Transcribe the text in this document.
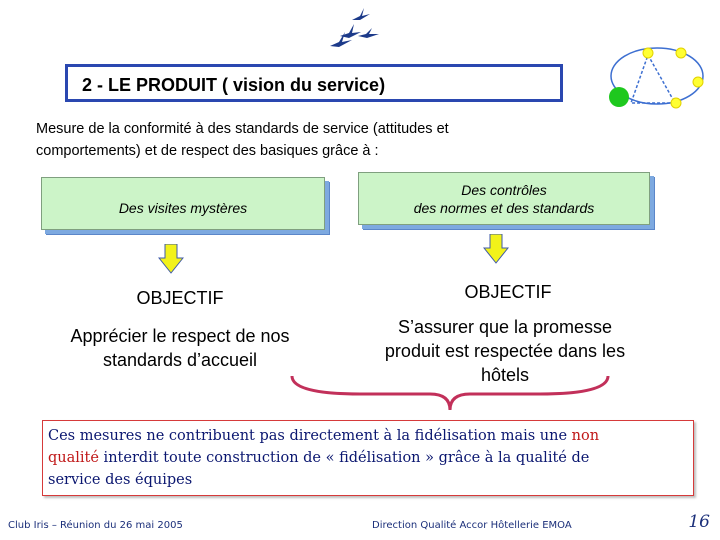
2 - LE PRODUIT ( vision du service)
Mesure de la conformité à des standards de service (attitudes et
comportements) et de respect des basiques grâce à :
Des visites mystères
Des contrôles
des normes et des standards
OBJECTIF	OBJECTIF
Apprécier le respect de nos
standards d’accueil
S’assurer que la promesse
produit est respectée dans les
hôtels
Ces mesures ne contribuent pas directement à la fidélisation mais une non
qualité interdit toute construction de « fidélisation » grâce à la qualité de
service des équipes
Club Iris – Réunion du 26 mai 2005	Direction Qualité Accor Hôtellerie EMOA	16
